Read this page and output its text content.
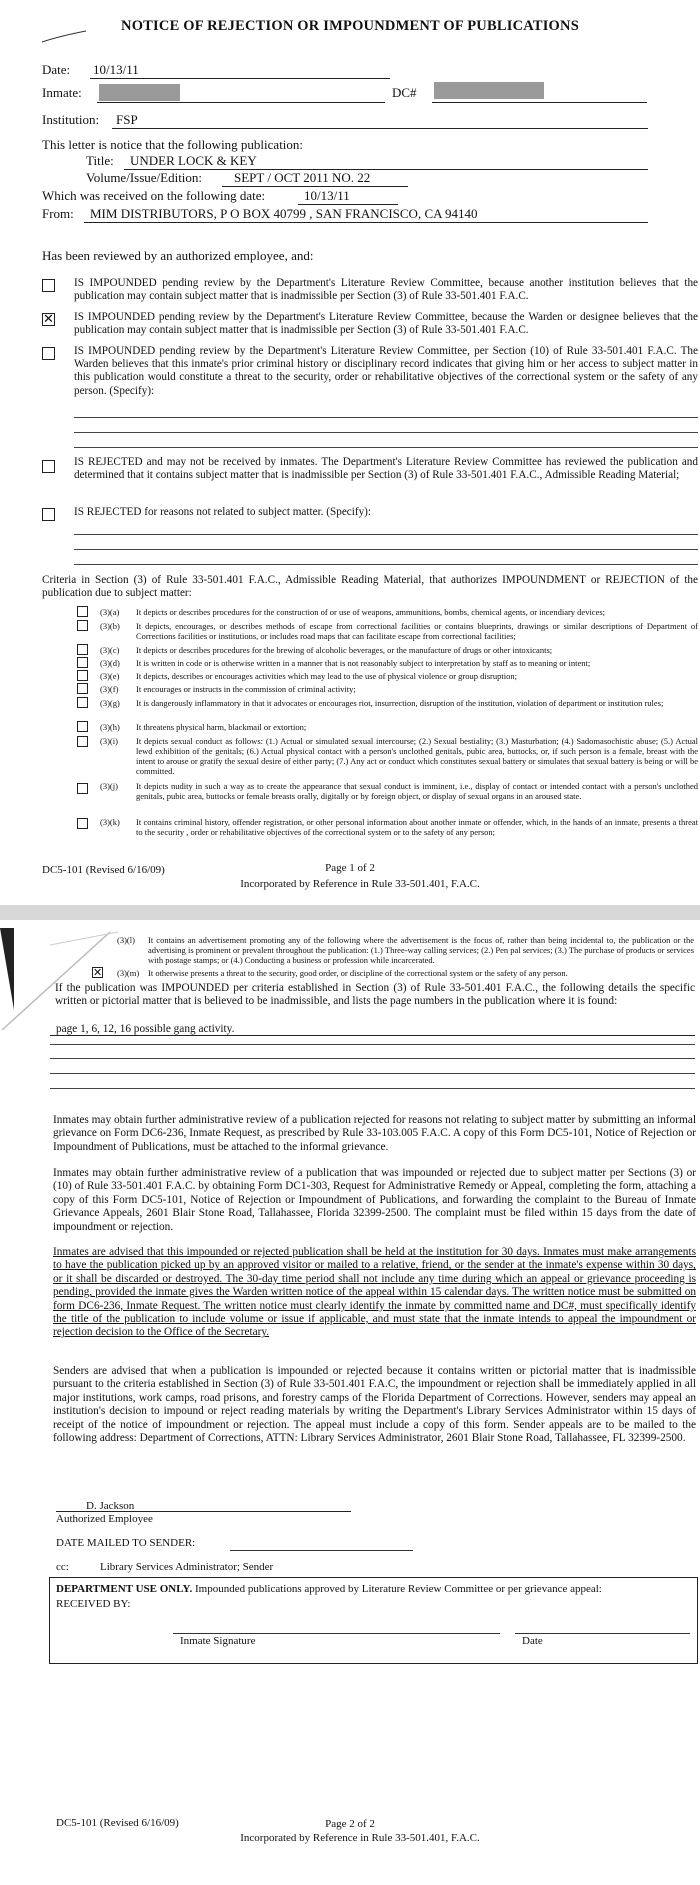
NOTICE OF REJECTION OR IMPOUNDMENT OF PUBLICATIONS
Date: 10/13/11
Inmate:	DC#
Institution:	FSP
This letter is notice that the following publication:
Title:	UNDER LOCK & KEY
Volume/Issue/Edition:	SEPT / OCT 2011 NO. 22
Which was received on the following date:	10/13/11
From:	MIM DISTRIBUTORS, P O BOX 40799 , SAN FRANCISCO, CA 94140
Has been reviewed by an authorized employee, and:
IS IMPOUNDED pending review by the Department's Literature Review Committee, because another institution believes that the publication may contain subject matter that is inadmissible per Section (3) of Rule 33-501.401 F.A.C.
✕ IS IMPOUNDED pending review by the Department's Literature Review Committee, because the Warden or designee believes that the publication may contain subject matter that is inadmissible per Section (3) of Rule 33-501.401 F.A.C.
IS IMPOUNDED pending review by the Department's Literature Review Committee, per Section (10) of Rule 33-501.401 F.A.C. The Warden believes that this inmate's prior criminal history or disciplinary record indicates that giving him or her access to subject matter in this publication would constitute a threat to the security, order or rehabilitative objectives of the correctional system or the safety of any person. (Specify):
IS REJECTED and may not be received by inmates. The Department's Literature Review Committee has reviewed the publication and determined that it contains subject matter that is inadmissible per Section (3) of Rule 33-501.401 F.A.C., Admissible Reading Material;
IS REJECTED for reasons not related to subject matter. (Specify):
Criteria in Section (3) of Rule 33-501.401 F.A.C., Admissible Reading Material, that authorizes IMPOUNDMENT or REJECTION of the publication due to subject matter:
(3)(a) It depicts or describes procedures for the construction of or use of weapons, ammunitions, bombs, chemical agents, or incendiary devices;
(3)(b) It depicts, encourages, or describes methods of escape from correctional facilities or contains blueprints, drawings or similar descriptions of Department of Corrections facilities or institutions, or includes road maps that can facilitate escape from correctional facilities;
(3)(c) It depicts or describes procedures for the brewing of alcoholic beverages, or the manufacture of drugs or other intoxicants;
(3)(d) It is written in code or is otherwise written in a manner that is not reasonably subject to interpretation by staff as to meaning or intent;
(3)(e) It depicts, describes or encourages activities which may lead to the use of physical violence or group disruption;
(3)(f) It encourages or instructs in the commission of criminal activity;
(3)(g) It is dangerously inflammatory in that it advocates or encourages riot, insurrection, disruption of the institution, violation of department or institution rules;
(3)(h) It threatens physical harm, blackmail or extortion;
(3)(i) It depicts sexual conduct as follows: (1.) Actual or simulated sexual intercourse; (2.) Sexual bestiality; (3.) Masturbation; (4.) Sadomasochistic abuse; (5.) Actual lewd exhibition of the genitals; (6.) Actual physical contact with a person's unclothed genitals, pubic area, buttocks, or, if such person is a female, breast with the intent to arouse or gratify the sexual desire of either party; (7.) Any act or conduct which constitutes sexual battery or simulates that sexual battery is being or will be committed.
(3)(j) It depicts nudity in such a way as to create the appearance that sexual conduct is imminent, i.e., display of contact or intended contact with a person's unclothed genitals, pubic area, buttocks or female breasts orally, digitally or by foreign object, or display of sexual organs in an aroused state.
(3)(k) It contains criminal history, offender registration, or other personal information about another inmate or offender, which, in the hands of an inmate, presents a threat to the security , order or rehabilitative objectives of the correctional system or to the safety of any person;
DC5-101 (Revised 6/16/09)	Page 1 of 2
Incorporated by Reference in Rule 33-501.401, F.A.C.
(3)(l) It contains an advertisement promoting any of the following where the advertisement is the focus of, rather than being incidental to, the publication or the advertising is prominent or prevalent throughout the publication: (1.) Three-way calling services; (2.) Pen pal services; (3.) The purchase of products or services with postage stamps; or (4.) Conducting a business or profession while incarcerated.
✕ (3)(m) It otherwise presents a threat to the security, good order, or discipline of the correctional system or the safety of any person.
If the publication was IMPOUNDED per criteria established in Section (3) of Rule 33-501.401 F.A.C., the following details the specific written or pictorial matter that is believed to be inadmissible, and lists the page numbers in the publication where it is found:
page 1, 6, 12, 16 possible gang activity.
Inmates may obtain further administrative review of a publication rejected for reasons not relating to subject matter by submitting an informal grievance on Form DC6-236, Inmate Request, as prescribed by Rule 33-103.005 F.A.C. A copy of this Form DC5-101, Notice of Rejection or Impoundment of Publications, must be attached to the informal grievance.
Inmates may obtain further administrative review of a publication that was impounded or rejected due to subject matter per Sections (3) or (10) of Rule 33-501.401 F.A.C. by obtaining Form DC1-303, Request for Administrative Remedy or Appeal, completing the form, attaching a copy of this Form DC5-101, Notice of Rejection or Impoundment of Publications, and forwarding the complaint to the Bureau of Inmate Grievance Appeals, 2601 Blair Stone Road, Tallahassee, Florida 32399-2500. The complaint must be filed within 15 days from the date of impoundment or rejection.
Inmates are advised that this impounded or rejected publication shall be held at the institution for 30 days. Inmates must make arrangements to have the publication picked up by an approved visitor or mailed to a relative, friend, or the sender at the inmate's expense within 30 days, or it shall be discarded or destroyed. The 30-day time period shall not include any time during which an appeal or grievance proceeding is pending, provided the inmate gives the Warden written notice of the appeal within 15 calendar days. The written notice must be submitted on form DC6-236, Inmate Request. The written notice must clearly identify the inmate by committed name and DC#, must specifically identify the title of the publication to include volume or issue if applicable, and must state that the inmate intends to appeal the impoundment or rejection decision to the Office of the Secretary.
Senders are advised that when a publication is impounded or rejected because it contains written or pictorial matter that is inadmissible pursuant to the criteria established in Section (3) of Rule 33-501.401 F.A.C, the impoundment or rejection shall be immediately applied in all major institutions, work camps, road prisons, and forestry camps of the Florida Department of Corrections. However, senders may appeal an institution's decision to impound or reject reading materials by writing the Department's Library Services Administrator within 15 days of receipt of the notice of impoundment or rejection. The appeal must include a copy of this form. Sender appeals are to be mailed to the following address: Department of Corrections, ATTN: Library Services Administrator, 2601 Blair Stone Road, Tallahassee, FL 32399-2500.
D. Jackson
Authorized Employee
DATE MAILED TO SENDER:
cc:	Library Services Administrator; Sender
DEPARTMENT USE ONLY. Impounded publications approved by Literature Review Committee or per grievance appeal:
RECEIVED BY:
Inmate Signature	Date
DC5-101 (Revised 6/16/09)	Page 2 of 2
Incorporated by Reference in Rule 33-501.401, F.A.C.
